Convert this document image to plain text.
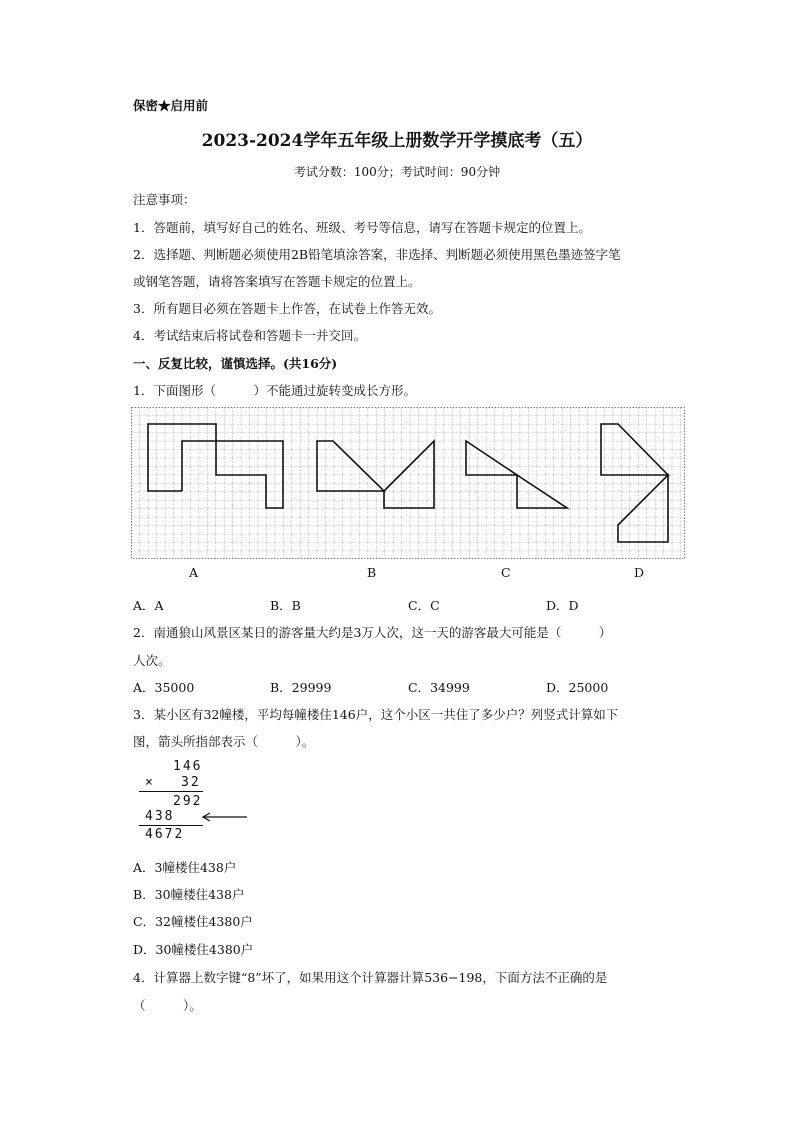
保密★启用前
2023-2024学年五年级上册数学开学摸底考（五）
考试分数：100分；考试时间：90分钟
注意事项：
1．答题前，填写好自己的姓名、班级、考号等信息，请写在答题卡规定的位置上。
2．选择题、判断题必须使用2B铅笔填涂答案，非选择、判断题必须使用黑色墨迹签字笔
或钢笔答题，请将答案填写在答题卡规定的位置上。
3．所有题目必须在答题卡上作答，在试卷上作答无效。
4．考试结束后将试卷和答题卡一并交回。
一、反复比较，谨慎选择。(共16分)
1．下面图形（　　　）不能通过旋转变成长方形。
A	B	C	D
A．A	B．B	C．C	D．D
2．南通狼山风景区某日的游客量大约是3万人次，这一天的游客最大可能是（　　　）
人次。
A．35000	B．29999	C．34999	D．25000
3．某小区有32幢楼，平均每幢楼住146户，这个小区一共住了多少户？列竖式计算如下
图，箭头所指部表示（　　　）。
146
× 32
292
438
4672
A．3幢楼住438户
B．30幢楼住438户
C．32幢楼住4380户
D．30幢楼住4380户
4．计算器上数字键“8”坏了，如果用这个计算器计算536−198，下面方法不正确的是
（　　　）。
